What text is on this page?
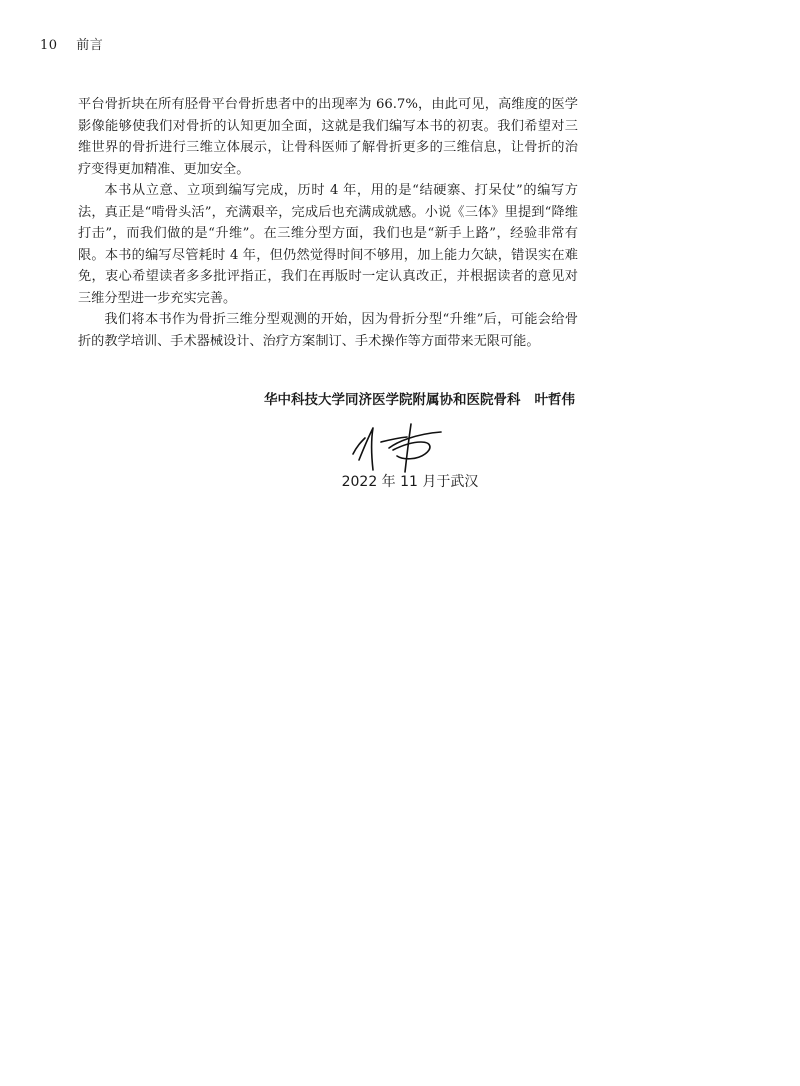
10 前言

平台骨折块在所有胫骨平台骨折患者中的出现率为 66.7%，由此可见，高维度的医学影像能够使我们对骨折的认知更加全面，这就是我们编写本书的初衷。我们希望对三维世界的骨折进行三维立体展示，让骨科医师了解骨折更多的三维信息，让骨折的治疗变得更加精准、更加安全。

本书从立意、立项到编写完成，历时 4 年，用的是“结硬寨、打呆仗”的编写方法，真正是“啃骨头活”，充满艰辛，完成后也充满成就感。小说《三体》里提到“降维打击”，而我们做的是“升维”。在三维分型方面，我们也是“新手上路”，经验非常有限。本书的编写尽管耗时 4 年，但仍然觉得时间不够用，加上能力欠缺，错误实在难免，衷心希望读者多多批评指正，我们在再版时一定认真改正，并根据读者的意见对三维分型进一步充实完善。

我们将本书作为骨折三维分型观测的开始，因为骨折分型“升维”后，可能会给骨折的教学培训、手术器械设计、治疗方案制订、手术操作等方面带来无限可能。

华中科技大学同济医学院附属协和医院骨科 叶哲伟
2022 年 11 月于武汉
